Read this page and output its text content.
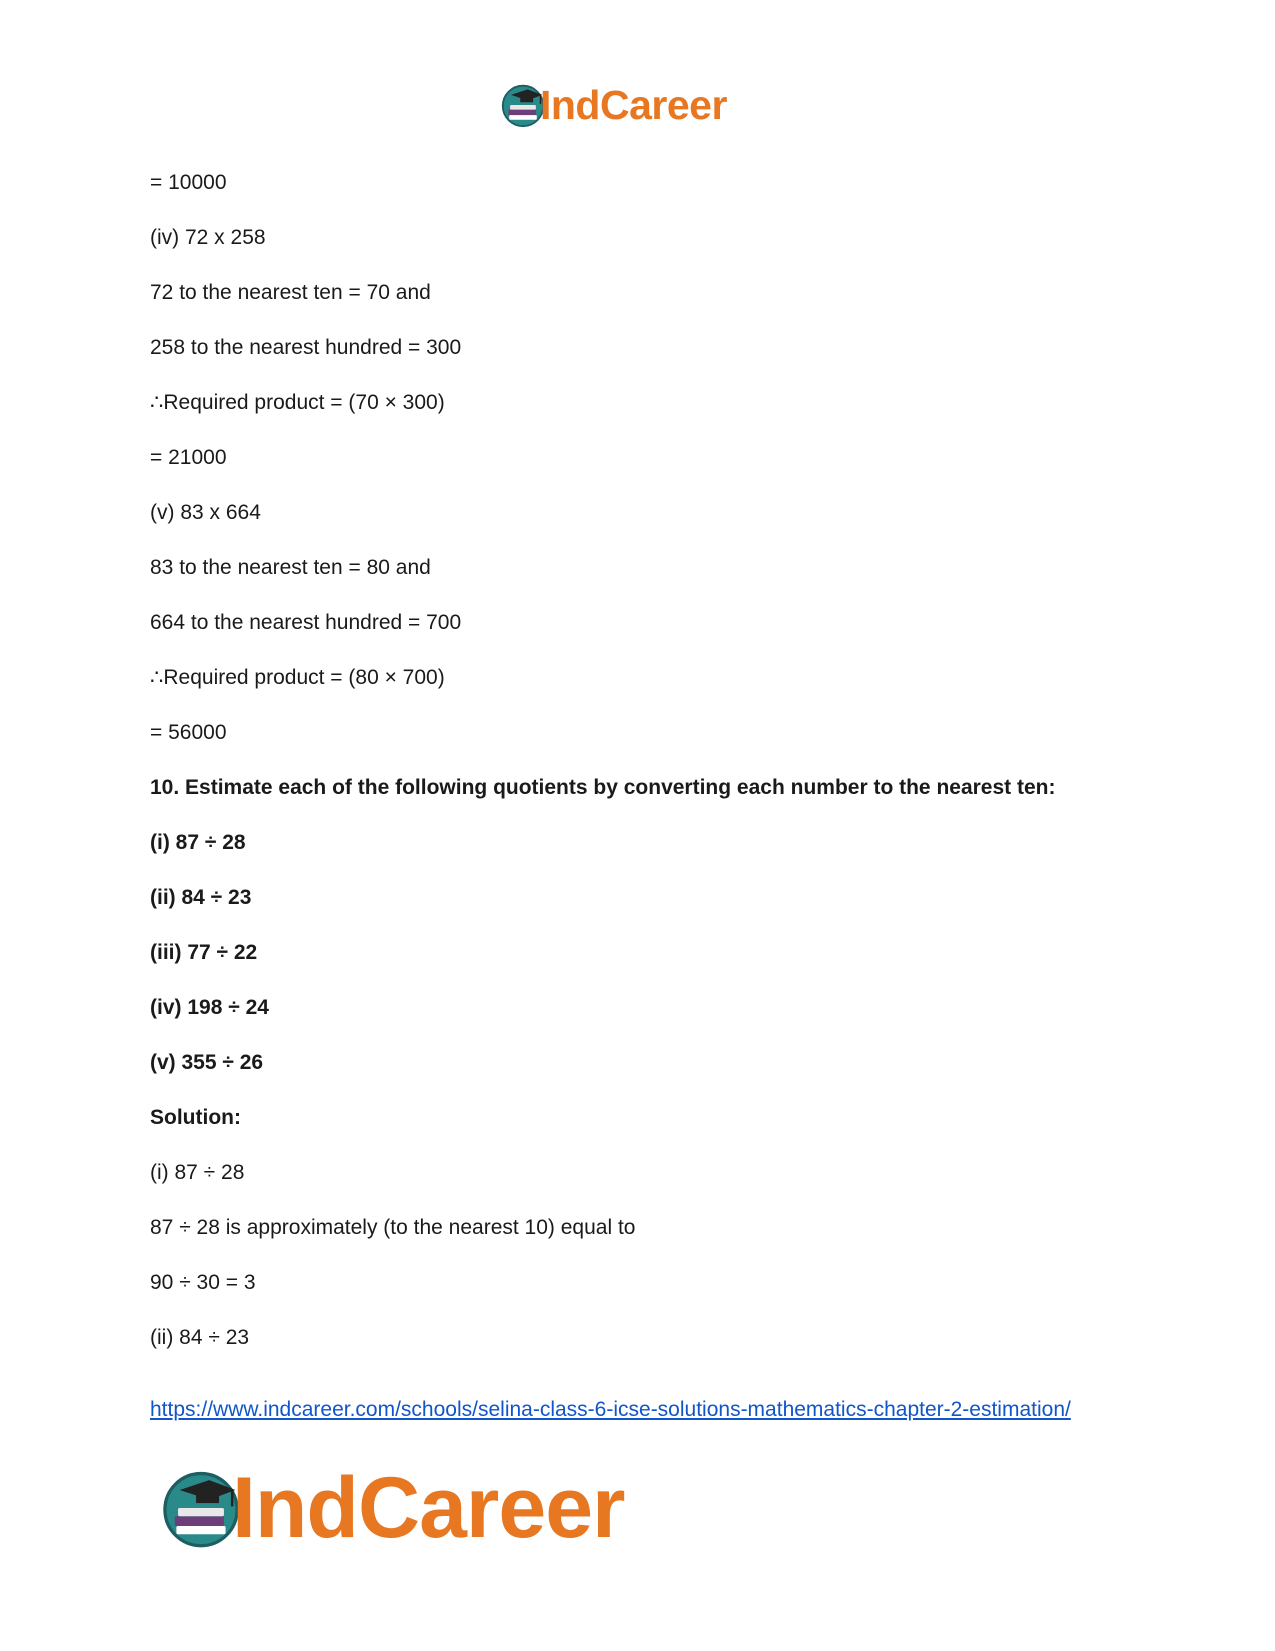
IndCareer
= 10000
(iv) 72 x 258
72 to the nearest ten = 70 and
258 to the nearest hundred = 300
∴Required product = (70 × 300)
= 21000
(v) 83 x 664
83 to the nearest ten = 80 and
664 to the nearest hundred = 700
∴Required product = (80 × 700)
= 56000
10. Estimate each of the following quotients by converting each number to the nearest ten:
(i) 87 ÷ 28
(ii) 84 ÷ 23
(iii) 77 ÷ 22
(iv) 198 ÷ 24
(v) 355 ÷ 26
Solution:
(i) 87 ÷ 28
87 ÷ 28 is approximately (to the nearest 10) equal to
90 ÷ 30 = 3
(ii) 84 ÷ 23
https://www.indcareer.com/schools/selina-class-6-icse-solutions-mathematics-chapter-2-estimation/
IndCareer
